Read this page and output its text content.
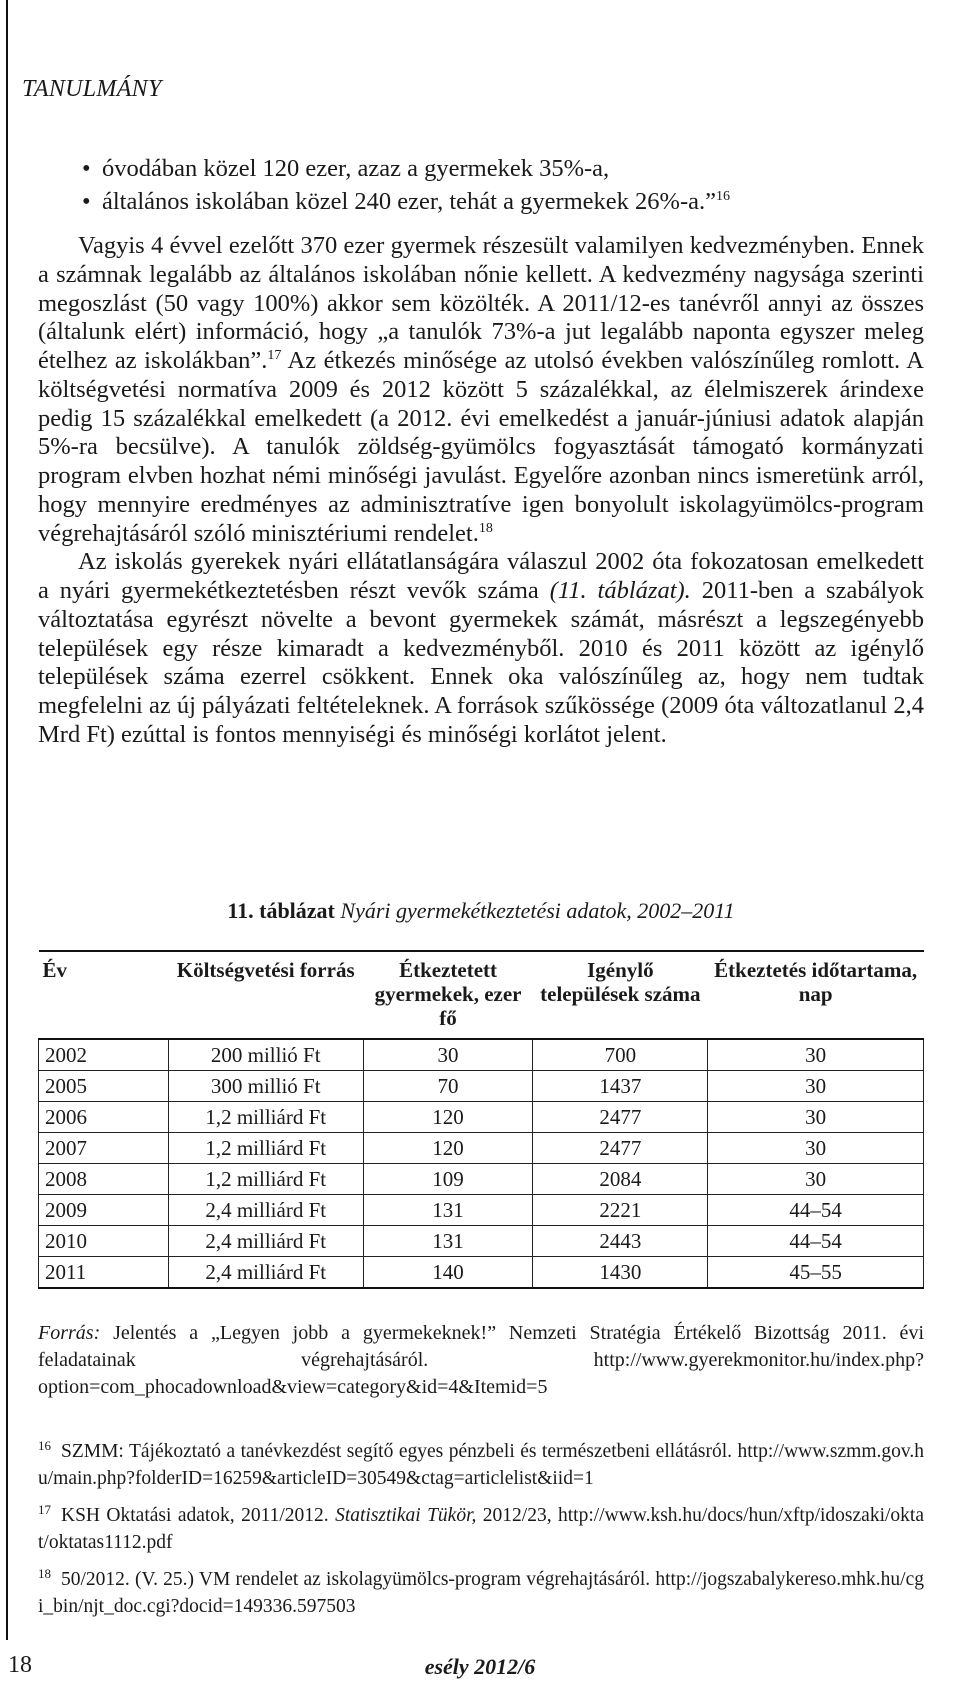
TANULMÁNY
• óvodában közel 120 ezer, azaz a gyermekek 35%-a,
• általános iskolában közel 240 ezer, tehát a gyermekek 26%-a.”$^{16}$

Vagyis 4 évvel ezelőtt 370 ezer gyermek részesült valamilyen kedvezményben. Ennek a számnak legalább az általános iskolában nőnie kellett. A kedvezmény nagysága szerinti megoszlást (50 vagy 100%) akkor sem közölték. A 2011/12-es tanévről annyi az összes (általunk elért) információ, hogy „a tanulók 73%-a jut legalább naponta egyszer meleg ételhez az iskolákban”.$^{17}$ Az étkezés minősége az utolsó években valószínűleg romlott. A költségvetési normatíva 2009 és 2012 között 5 százalékkal, az élelmiszerek árindexe pedig 15 százalékkal emelkedett (a 2012. évi emelkedést a január-júniusi adatok alapján 5%-ra becsülve). A tanulók zöldség-gyümölcs fogyasztását támogató kormányzati program elvben hozhat némi minőségi javulást. Egyelőre azonban nincs ismeretünk arról, hogy mennyire eredményes az adminisztratíve igen bonyolult iskolagyümölcs-program végrehajtásáról szóló minisztériumi rendelet.$^{18}$

Az iskolás gyerekek nyári ellátatlanságára válaszul 2002 óta fokozatosan emelkedett a nyári gyermekétkeztetésben részt vevők száma (11. táblázat). 2011-ben a szabályok változtatása egyrészt növelte a bevont gyermekek számát, másrészt a legszegényebb települések egy része kimaradt a kedvezményből. 2010 és 2011 között az igénylő települések száma ezerrel csökkent. Ennek oka valószínűleg az, hogy nem tudtak megfelelni az új pályázati feltételeknek. A források szűkössége (2009 óta változatlanul 2,4 Mrd Ft) ezúttal is fontos mennyiségi és minőségi korlátot jelent.

11. táblázat Nyári gyermekétkeztetési adatok, 2002–2011

Év	Költségvetési forrás	Étkeztetett gyermekek, ezer fő	Igénylő települések száma	Étkeztetés időtartama, nap
2002	200 millió Ft	30	700	30
2005	300 millió Ft	70	1437	30
2006	1,2 milliárd Ft	120	2477	30
2007	1,2 milliárd Ft	120	2477	30
2008	1,2 milliárd Ft	109	2084	30
2009	2,4 milliárd Ft	131	2221	44–54
2010	2,4 milliárd Ft	131	2443	44–54
2011	2,4 milliárd Ft	140	1430	45–55
Forrás: Jelentés a „Legyen jobb a gyermekeknek!” Nemzeti Stratégia Értékelő Bizottság 2011. évi feladatainak végrehajtásáról. http://www.gyerekmonitor.hu/index.php?option=com_phocadownload&view=category&id=4&Itemid=5

$^{16}$ SZMM: Tájékoztató a tanévkezdést segítő egyes pénzbeli és természetbeni ellátásról. http://www.szmm.gov.hu/main.php?folderID=16259&articleID=30549&ctag=articlelist&iid=1

$^{17}$ KSH Oktatási adatok, 2011/2012. Statisztikai Tükör, 2012/23, http://www.ksh.hu/docs/hun/xftp/idoszaki/oktat/oktatas1112.pdf

$^{18}$ 50/2012. (V. 25.) VM rendelet az iskolagyümölcs-program végrehajtásáról. http://jogszabalykereso.mhk.hu/cgi_bin/njt_doc.cgi?docid=149336.597503

18	esély 2012/6
